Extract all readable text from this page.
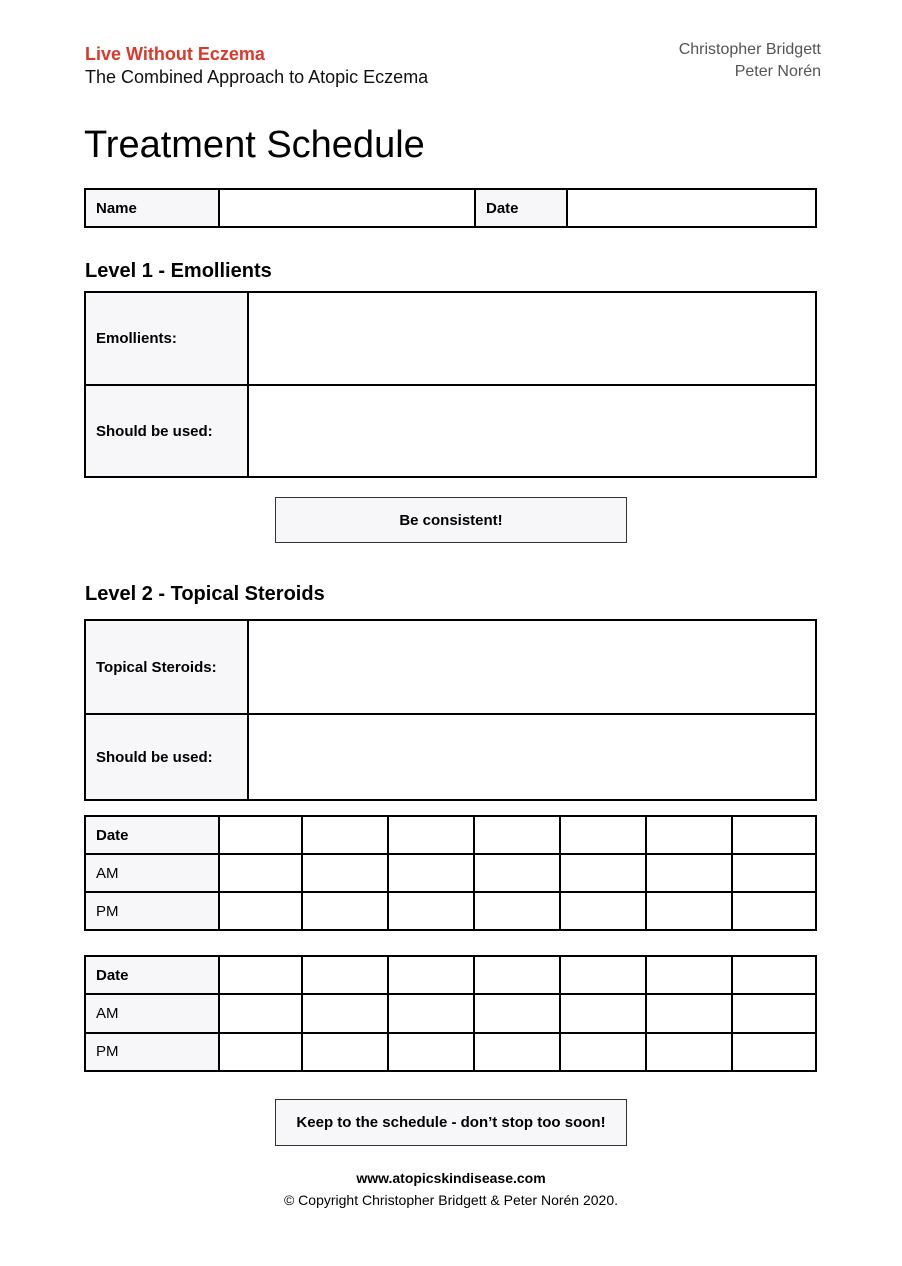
Live Without Eczema
The Combined Approach to Atopic Eczema
Christopher Bridgett
Peter Norén
Treatment Schedule
Name		Date	
Level 1 - Emollients
Emollients:	
Should be used:	
Be consistent!
Level 2 - Topical Steroids
Topical Steroids:	
Should be used:	
Date							
AM							
PM							
Date							
AM							
PM							
Keep to the schedule - don’t stop too soon!
www.atopicskindisease.com
© Copyright Christopher Bridgett & Peter Norén 2020.
